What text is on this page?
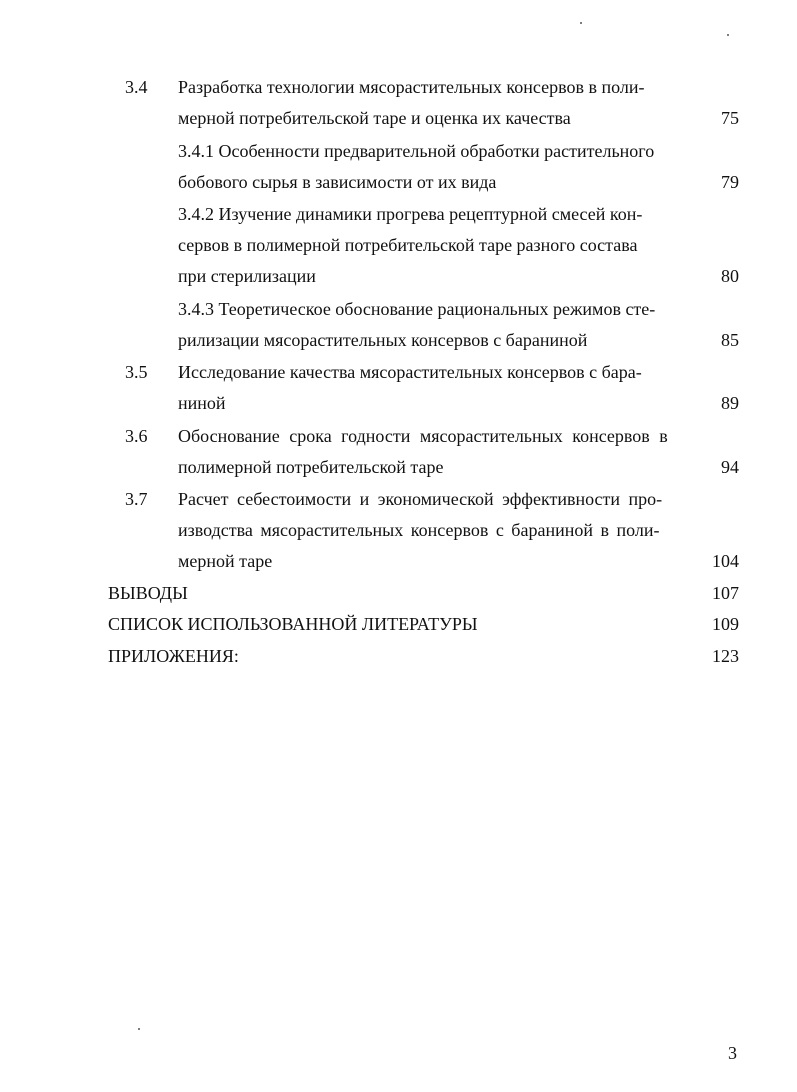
3.4 Разработка технологии мясорастительных консервов в поли-
мерной потребительской таре и оценка их качества	75
3.4.1 Особенности предварительной обработки растительного
бобового сырья в зависимости от их вида	79
3.4.2 Изучение динамики прогрева рецептурной смесей кон-
сервов в полимерной потребительской таре разного состава
при стерилизации	80
3.4.3 Теоретическое обоснование рациональных режимов сте-
рилизации мясорастительных консервов с бараниной	85
3.5 Исследование качества мясорастительных консервов с бара-
ниной	89
3.6 Обоснование срока годности мясорастительных консервов в
полимерной потребительской таре	94
3.7 Расчет себестоимости и экономической эффективности про-
изводства мясорастительных консервов с бараниной в поли-
мерной таре	104
ВЫВОДЫ	107
СПИСОК ИСПОЛЬЗОВАННОЙ ЛИТЕРАТУРЫ	109
ПРИЛОЖЕНИЯ:	123
3
